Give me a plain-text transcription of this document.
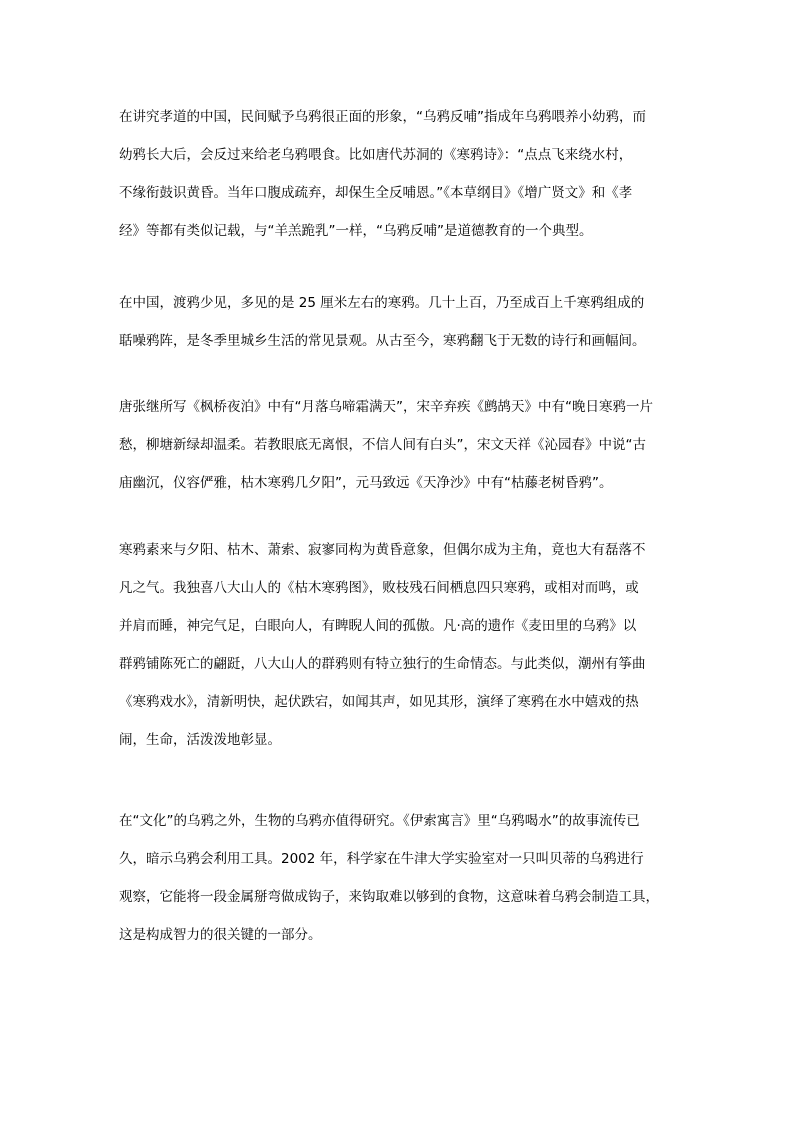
在讲究孝道的中国，民间赋予乌鸦很正面的形象，“乌鸦反哺”指成年乌鸦喂养小幼鸦，而
幼鸦长大后，会反过来给老乌鸦喂食。比如唐代苏洞的《寒鸦诗》：“点点飞来绕水村，
不缘衔鼓识黄昏。当年口腹成疏弃，却保生全反哺恩。”《本草纲目》《增广贤文》和《孝
经》等都有类似记载，与“羊羔跪乳”一样，“乌鸦反哺”是道德教育的一个典型。
在中国，渡鸦少见，多见的是 25 厘米左右的寒鸦。几十上百，乃至成百上千寒鸦组成的
聒噪鸦阵，是冬季里城乡生活的常见景观。从古至今，寒鸦翻飞于无数的诗行和画幅间。
唐张继所写《枫桥夜泊》中有“月落乌啼霜满天”，宋辛弃疾《鹧鸪天》中有“晚日寒鸦一片
愁，柳塘新绿却温柔。若教眼底无离恨，不信人间有白头”，宋文天祥《沁园春》中说“古
庙幽沉，仪容俨雅，枯木寒鸦几夕阳”，元马致远《天净沙》中有“枯藤老树昏鸦”。
寒鸦素来与夕阳、枯木、萧索、寂寥同构为黄昏意象，但偶尔成为主角，竟也大有磊落不
凡之气。我独喜八大山人的《枯木寒鸦图》，败枝残石间栖息四只寒鸦，或相对而鸣，或
并肩而睡，神完气足，白眼向人，有睥睨人间的孤傲。凡·高的遗作《麦田里的乌鸦》以
群鸦铺陈死亡的翩跹，八大山人的群鸦则有特立独行的生命情态。与此类似，潮州有筝曲
《寒鸦戏水》，清新明快，起伏跌宕，如闻其声，如见其形，演绎了寒鸦在水中嬉戏的热
闹，生命，活泼泼地彰显。
在“文化”的乌鸦之外，生物的乌鸦亦值得研究。《伊索寓言》里“乌鸦喝水”的故事流传已
久，暗示乌鸦会利用工具。2002 年，科学家在牛津大学实验室对一只叫贝蒂的乌鸦进行
观察，它能将一段金属掰弯做成钩子，来钩取难以够到的食物，这意味着乌鸦会制造工具，
这是构成智力的很关键的一部分。
